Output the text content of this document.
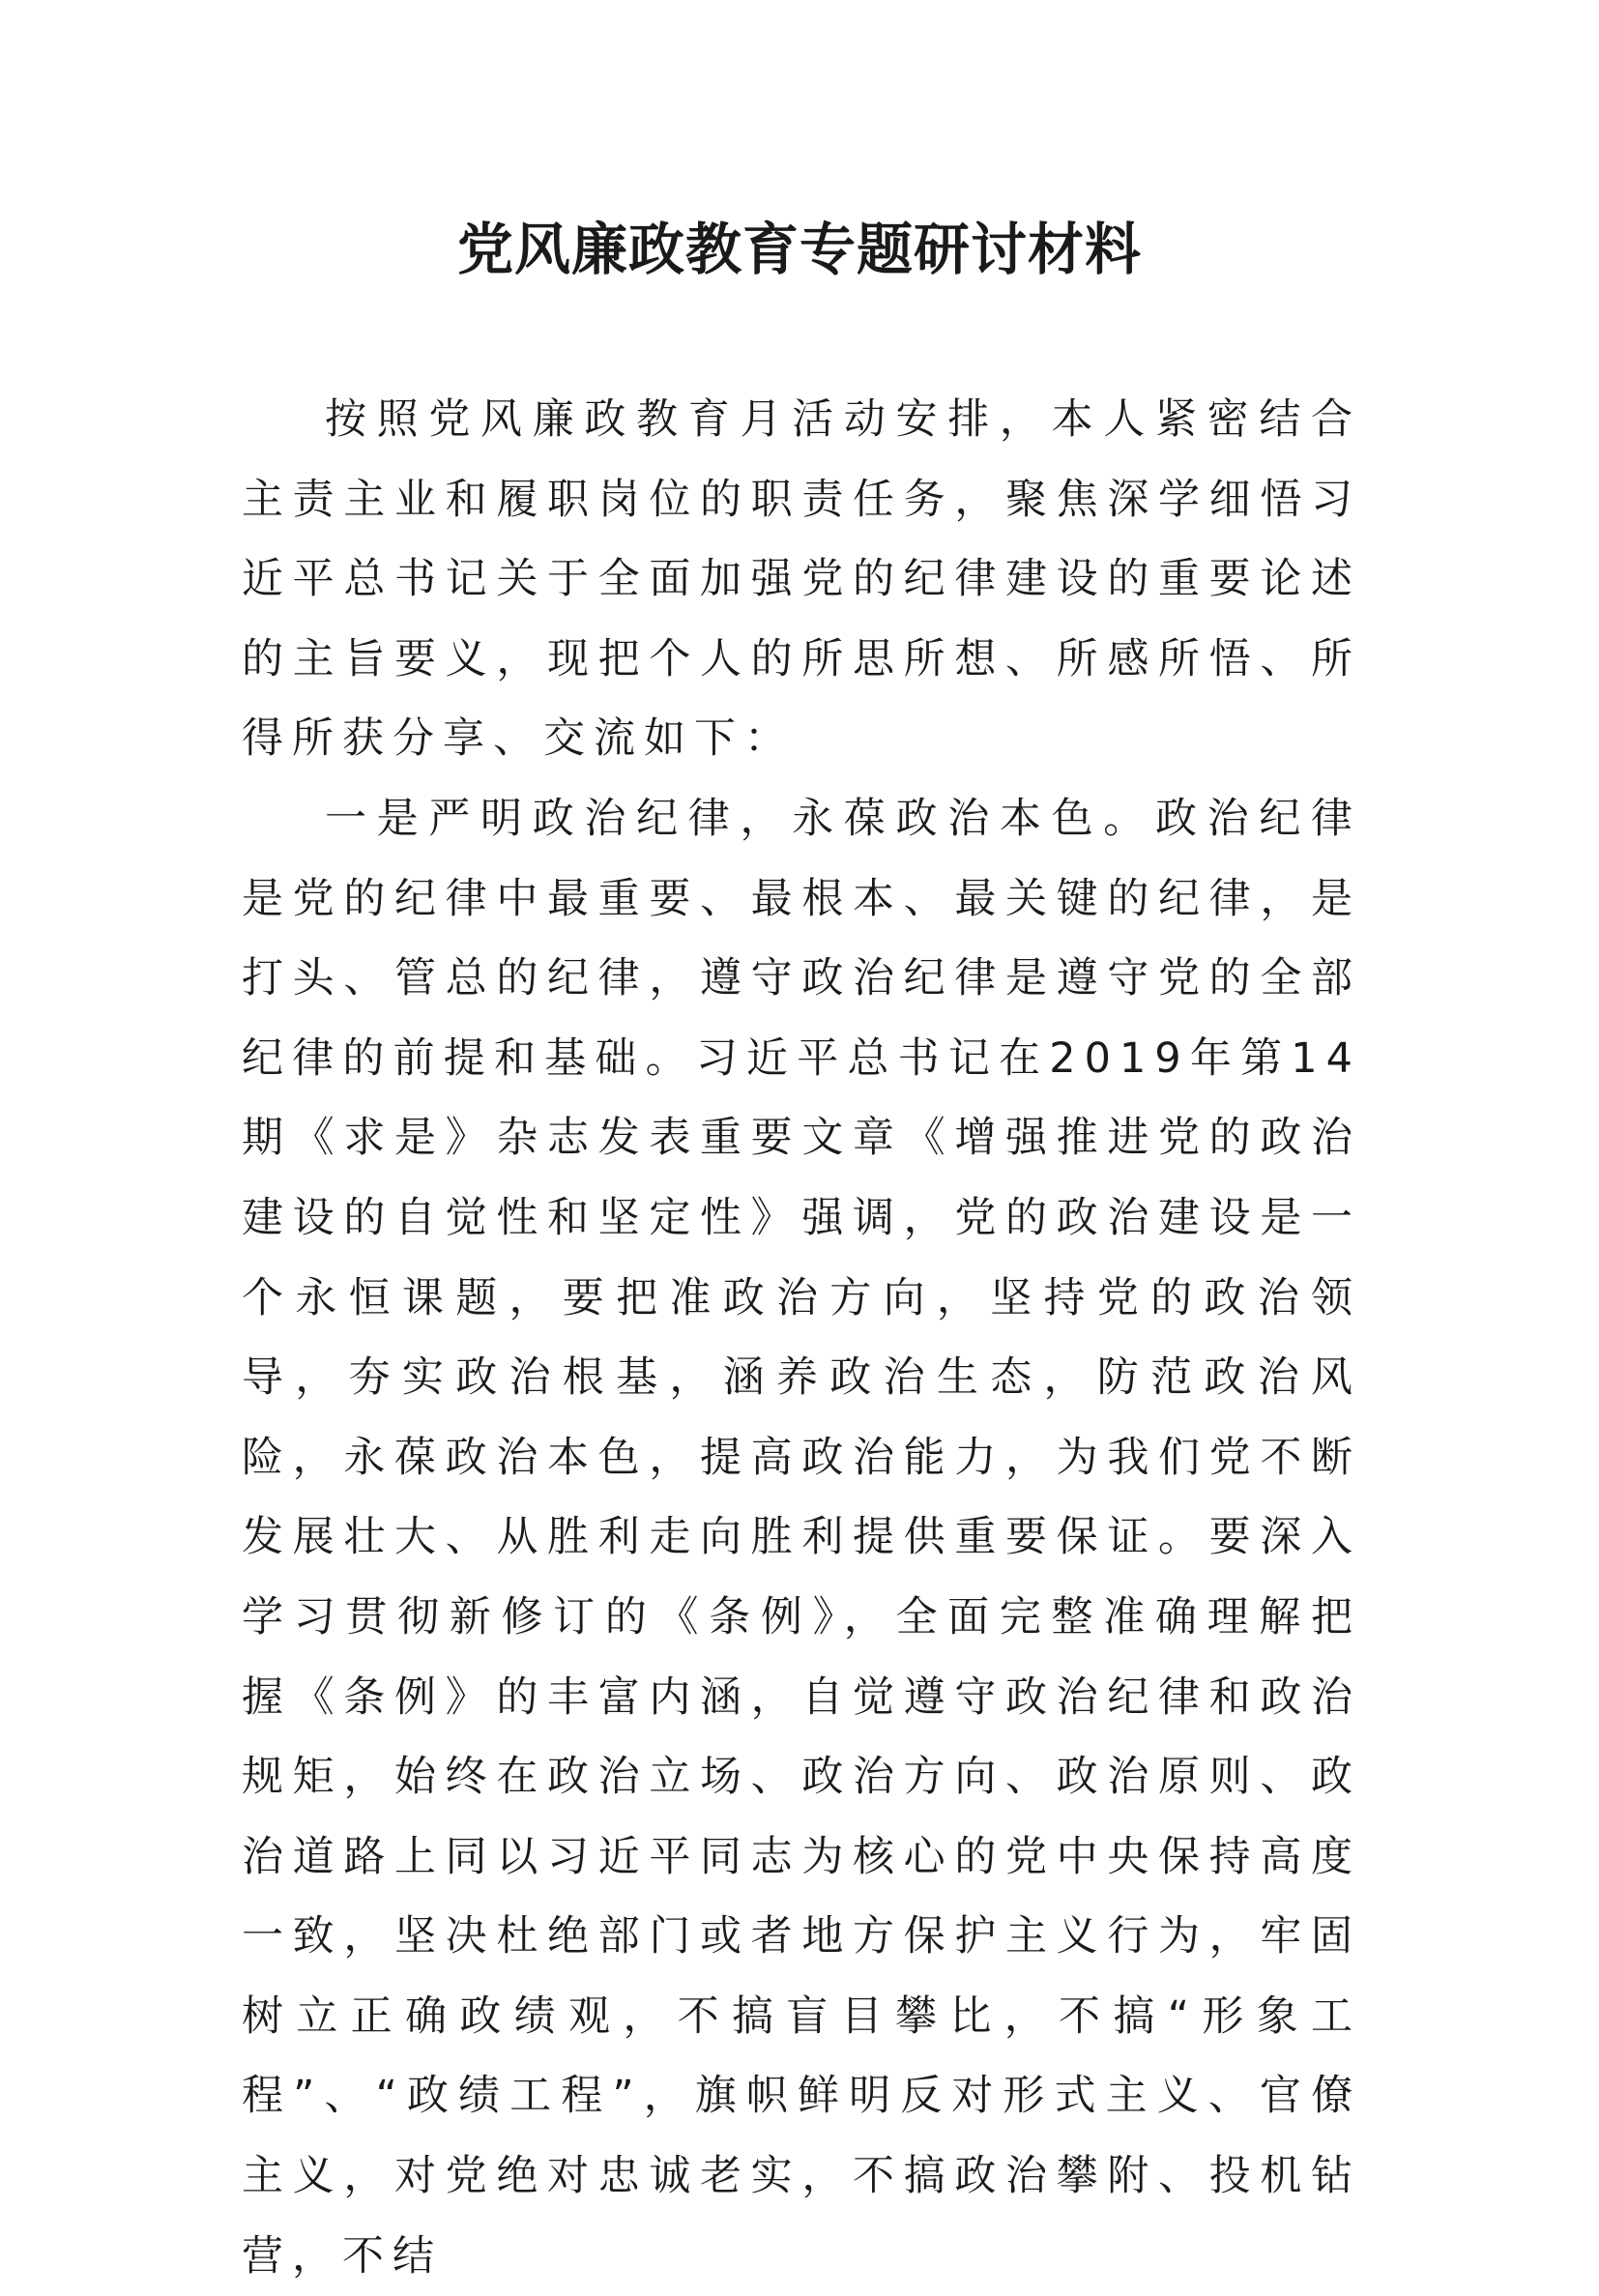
党风廉政教育专题研讨材料

按照党风廉政教育月活动安排，本人紧密结合主责主业和履职岗位的职责任务，聚焦深学细悟习近平总书记关于全面加强党的纪律建设的重要论述的主旨要义，现把个人的所思所想、所感所悟、所得所获分享、交流如下：

一是严明政治纪律，永葆政治本色。政治纪律是党的纪律中最重要、最根本、最关键的纪律，是打头、管总的纪律，遵守政治纪律是遵守党的全部纪律的前提和基础。习近平总书记在2019年第14期《求是》杂志发表重要文章《增强推进党的政治建设的自觉性和坚定性》强调，党的政治建设是一个永恒课题，要把准政治方向，坚持党的政治领导，夯实政治根基，涵养政治生态，防范政治风险，永葆政治本色，提高政治能力，为我们党不断发展壮大、从胜利走向胜利提供重要保证。要深入学习贯彻新修订的《条例》，全面完整准确理解把握《条例》的丰富内涵，自觉遵守政治纪律和政治规矩，始终在政治立场、政治方向、政治原则、政治道路上同以习近平同志为核心的党中央保持高度一致，坚决杜绝部门或者地方保护主义行为，牢固树立正确政绩观，不搞盲目攀比，不搞“形象工程”、“政绩工程”，旗帜鲜明反对形式主义、官僚主义，对党绝对忠诚老实，不搞政治攀附、投机钻营，不结
